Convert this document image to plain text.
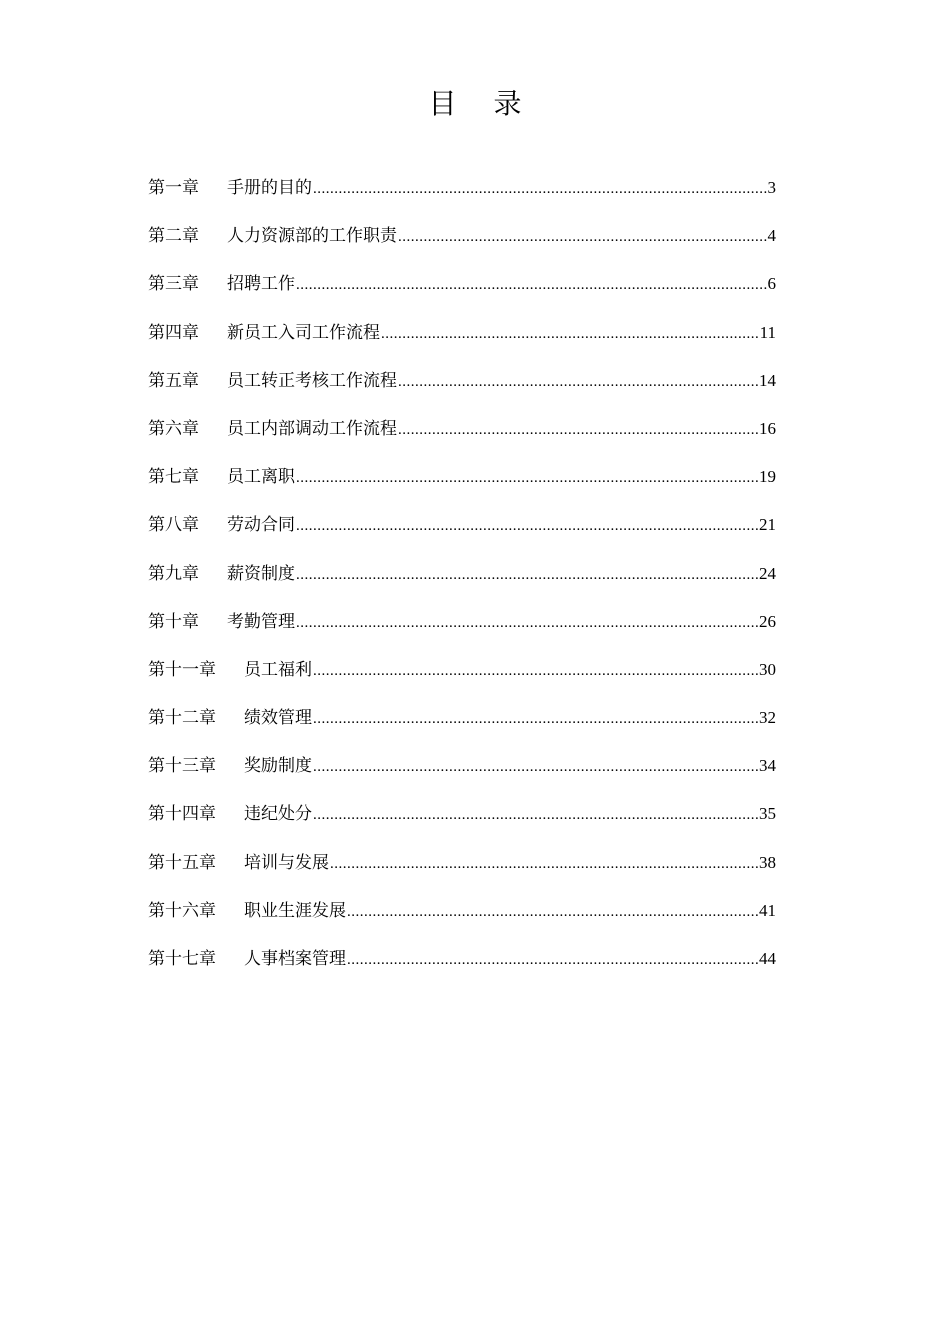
目 录
第一章 手册的目的 .....	3
第二章 人力资源部的工作职责 .....	4
第三章 招聘工作 .....	6
第四章 新员工入司工作流程 .....	11
第五章 员工转正考核工作流程 .....	14
第六章 员工内部调动工作流程 .....	16
第七章 员工离职 .....	19
第八章 劳动合同 .....	21
第九章 薪资制度 .....	24
第十章 考勤管理 .....	26
第十一章 员工福利 .....	30
第十二章 绩效管理 .....	32
第十三章 奖励制度 .....	34
第十四章 违纪处分 .....	35
第十五章 培训与发展 .....	38
第十六章 职业生涯发展 .....	41
第十七章 人事档案管理 .....	44
